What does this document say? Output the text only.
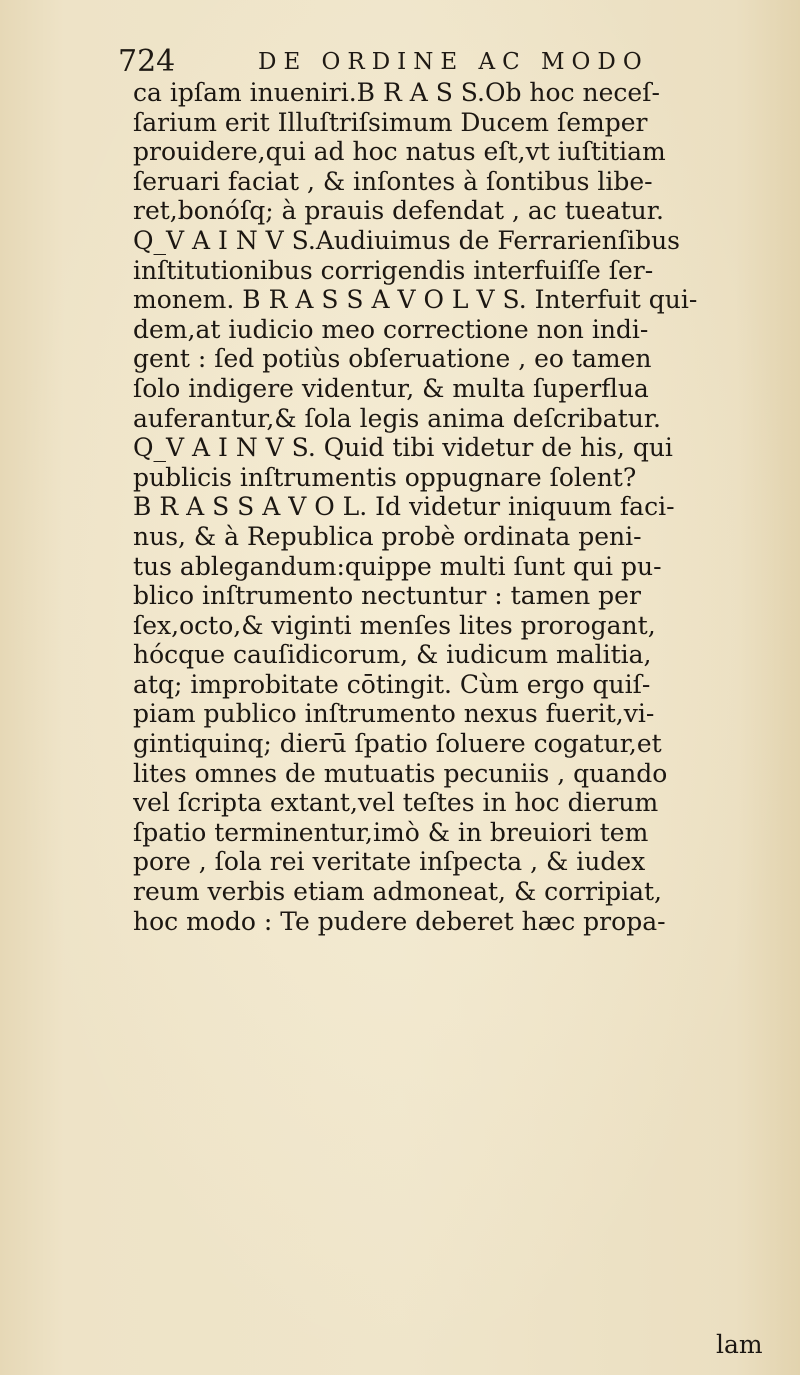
724	DE ORDINE AC MODO
ca ipſam inueniri.B R A S S.Ob hoc neceſ-
ſarium erit Illuſtriſsimum Ducem ſemper
prouidere,qui ad hoc natus eſt,vt iuſtitiam
ſeruari faciat , & inſontes à ſontibus libe-
ret,bonóſq; à prauis defendat , ac tueatur.
Q_V A I N V S.Audiuimus de Ferrarienſibus
inſtitutionibus corrigendis interfuiſſe ſer-
monem. B R A S S A V O L V S. Interfuit qui-
dem,at iudicio meo correctione non indi-
gent : ſed potiùs obſeruatione , eo tamen
ſolo indigere videntur, & multa ſuperflua
auferantur,& ſola legis anima deſcribatur.
Q_V A I N V S. Quid tibi videtur de his, qui
publicis inſtrumentis oppugnare ſolent?
B R A S S A V O L. Id videtur iniquum faci-
nus, & à Republica probè ordinata peni-
tus ablegandum:quippe multi ſunt qui pu-
blico inſtrumento nectuntur : tamen per
ſex,octo,& viginti menſes lites prorogant,
hócque cauſidicorum, & iudicum malitia,
atq; improbitate cōtingit. Cùm ergo quiſ-
piam publico inſtrumento nexus fuerit,vi-
gintiquinq; dierū ſpatio ſoluere cogatur,et
lites omnes de mutuatis pecuniis , quando
vel ſcripta extant,vel teſtes in hoc dierum
ſpatio terminentur,imò & in breuiori tem
pore , ſola rei veritate inſpecta , & iudex
reum verbis etiam admoneat, & corripiat,
hoc modo : Te pudere deberet hæc propa-
lam
